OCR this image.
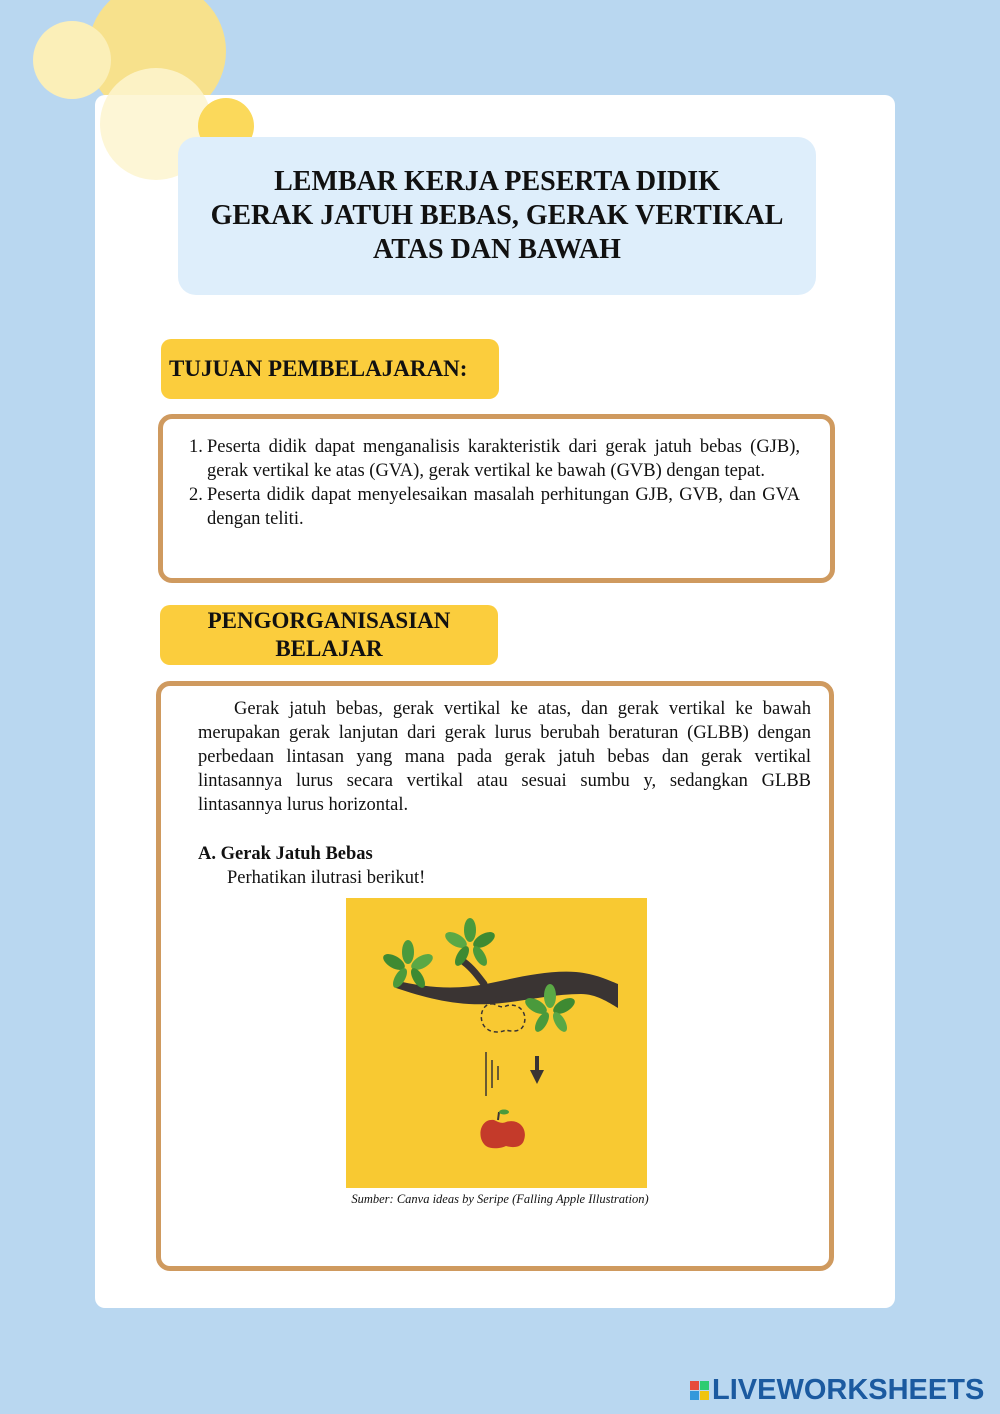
LEMBAR KERJA PESERTA DIDIK
GERAK JATUH BEBAS, GERAK VERTIKAL
ATAS DAN BAWAH
TUJUAN PEMBELAJARAN:
1. Peserta didik dapat menganalisis karakteristik dari gerak jatuh bebas (GJB), gerak vertikal ke atas (GVA), gerak vertikal ke bawah (GVB) dengan tepat.
2. Peserta didik dapat menyelesaikan masalah perhitungan GJB, GVB, dan GVA dengan teliti.
PENGORGANISASIAN
BELAJAR
Gerak jatuh bebas, gerak vertikal ke atas, dan gerak vertikal ke bawah merupakan gerak lanjutan dari gerak lurus berubah beraturan (GLBB) dengan perbedaan lintasan yang mana pada gerak jatuh bebas dan gerak vertikal lintasannya lurus secara vertikal atau sesuai sumbu y, sedangkan GLBB lintasannya lurus horizontal.
A. Gerak Jatuh Bebas
Perhatikan ilutrasi berikut!
Sumber: Canva ideas by Seripe (Falling Apple Illustration)
LIVEWORKSHEETS
